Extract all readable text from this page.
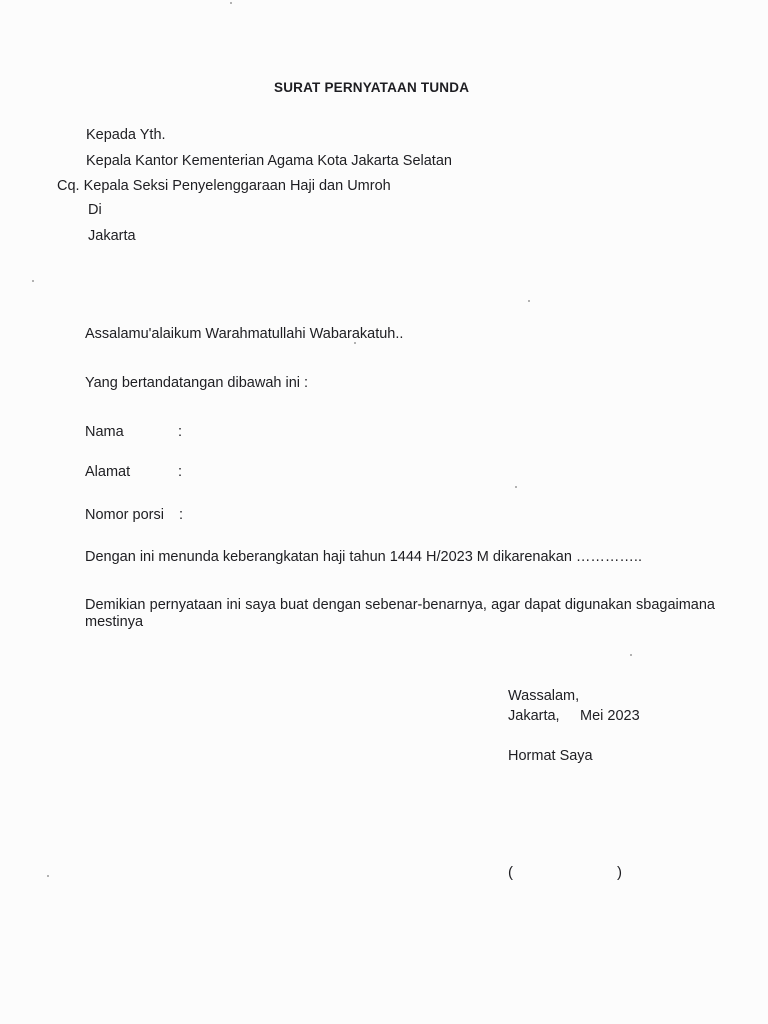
SURAT PERNYATAAN TUNDA
Kepada Yth.
Kepala Kantor Kementerian Agama Kota Jakarta Selatan
Cq. Kepala Seksi Penyelenggaraan Haji dan Umroh
Di
Jakarta
Assalamu'alaikum Warahmatullahi Wabarakatuh..
Yang bertandatangan dibawah ini :
Nama	:
Alamat	:
Nomor porsi :
Dengan ini menunda keberangkatan haji tahun 1444 H/2023 M dikarenakan …………..
Demikian pernyataan ini saya buat dengan sebenar-benarnya, agar dapat digunakan sbagaimana mestinya
Wassalam,
Jakarta, Mei 2023
Hormat Saya
(	)
